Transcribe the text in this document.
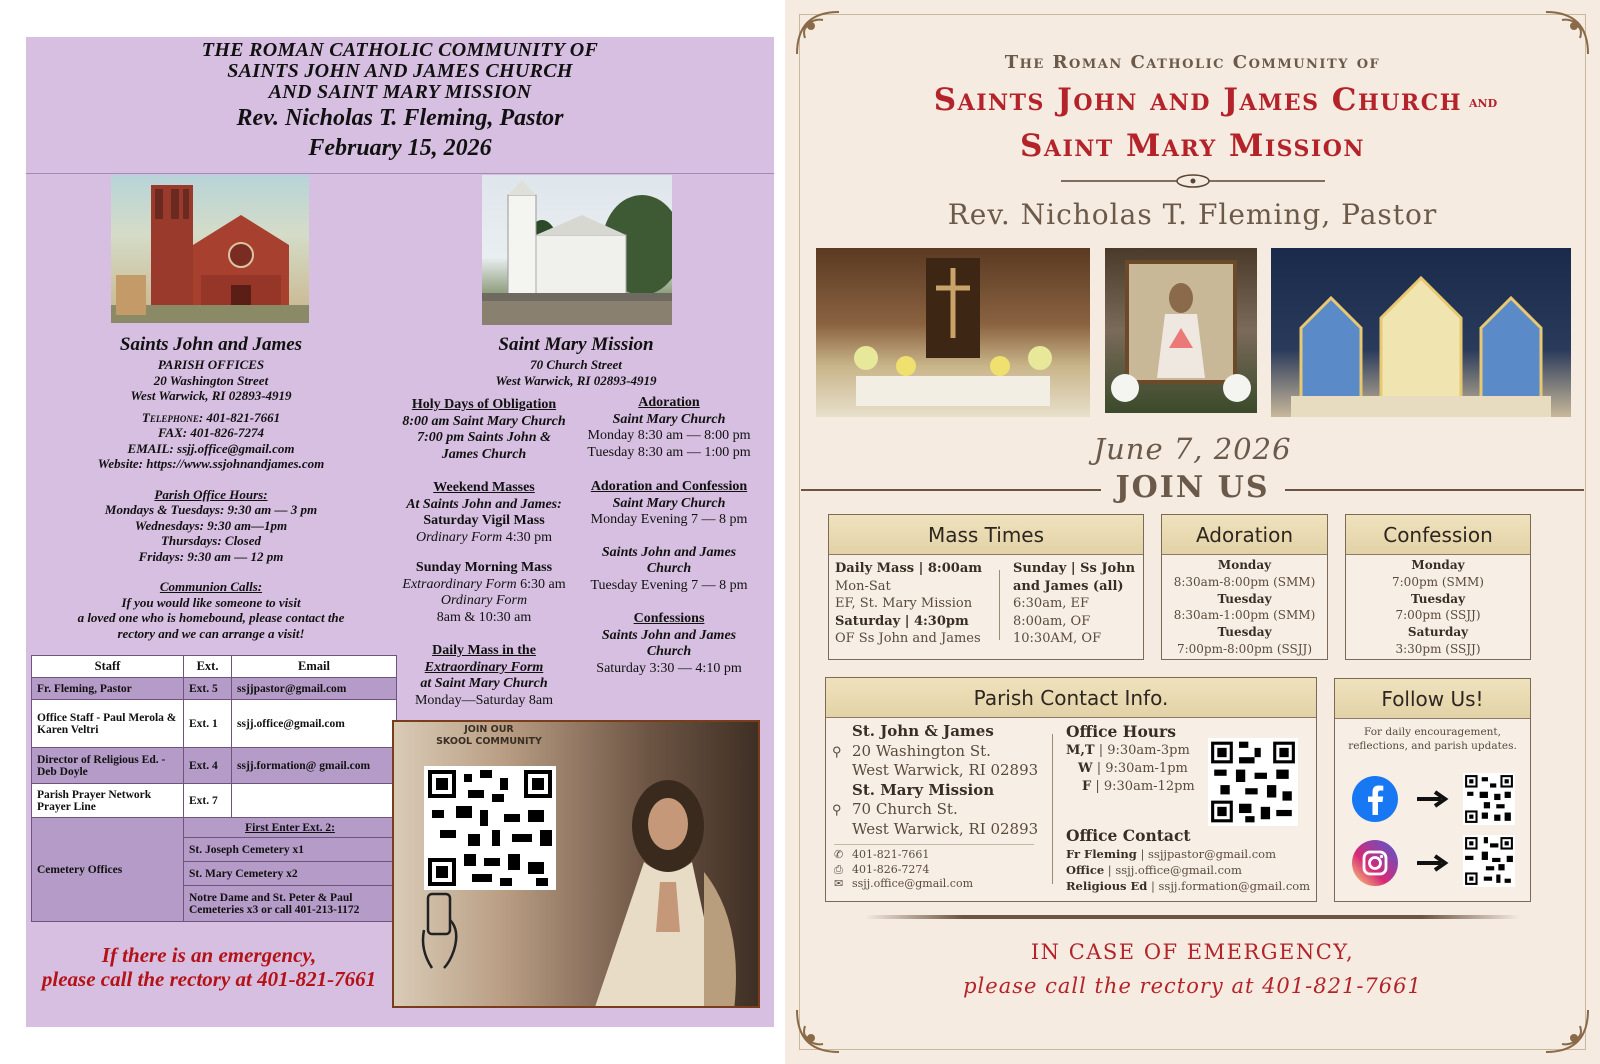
THE ROMAN CATHOLIC COMMUNITY OF
SAINTS JOHN AND JAMES CHURCH
AND SAINT MARY MISSION
Rev. Nicholas T. Fleming, Pastor
February 15, 2026
Saints John and James
PARISH OFFICES
20 Washington Street
West Warwick, RI 02893-4919
Telephone: 401-821-7661
FAX: 401-826-7274
EMAIL: ssjj.office@gmail.com
Website: https://www.ssjohnandjames.com
Parish Office Hours:
Mondays & Tuesdays: 9:30 am — 3 pm
Wednesdays: 9:30 am—1pm
Thursdays: Closed
Fridays: 9:30 am — 12 pm
Communion Calls:
If you would like someone to visit
a loved one who is homebound, please contact the
rectory and we can arrange a visit!
Saint Mary Mission
70 Church Street
West Warwick, RI 02893-4919
Holy Days of Obligation
8:00 am Saint Mary Church
7:00 pm Saints John &
James Church
Weekend Masses
At Saints John and James:
Saturday Vigil Mass
Ordinary Form 4:30 pm
Sunday Morning Mass
Extraordinary Form 6:30 am
Ordinary Form
8am & 10:30 am
Daily Mass in the
Extraordinary Form
at Saint Mary Church
Monday—Saturday 8am
Adoration
Saint Mary Church
Monday 8:30 am — 8:00 pm
Tuesday 8:30 am — 1:00 pm
Adoration and Confession
Saint Mary Church
Monday Evening 7 — 8 pm
Saints John and James
Church
Tuesday Evening 7 — 8 pm
Confessions
Saints John and James
Church
Saturday 3:30 — 4:10 pm
Staff	Ext.	Email
Fr. Fleming, Pastor	Ext. 5	ssjjpastor@gmail.com
Office Staff - Paul Merola & Karen Veltri	Ext. 1	ssjj.office@gmail.com
Director of Religious Ed. - Deb Doyle	Ext. 4	ssjj.formation@ gmail.com
Parish Prayer Network Prayer Line	Ext. 7	
Cemetery Offices	First Enter Ext. 2:	
	St. Joseph Cemetery x1	
	St. Mary Cemetery x2	
	Notre Dame and St. Peter & Paul Cemeteries x3 or call 401-213-1172	
If there is an emergency,
please call the rectory at 401-821-7661
JOIN OUR
SKOOL COMMUNITY
The Roman Catholic Community of
Saints John and James Church and
Saint Mary Mission
Rev. Nicholas T. Fleming, Pastor
June 7, 2026
JOIN US
Mass Times
Daily Mass | 8:00am
Mon-Sat
EF, St. Mary Mission
Saturday | 4:30pm
OF Ss John and James
Sunday | Ss John and James (all)
6:30am, EF
8:00am, OF
10:30AM, OF
Adoration
Monday
8:30am-8:00pm (SMM)
Tuesday
8:30am-1:00pm (SMM)
Tuesday
7:00pm-8:00pm (SSJJ)
Confession
Monday
7:00pm (SMM)
Tuesday
7:00pm (SSJJ)
Saturday
3:30pm (SSJJ)
Parish Contact Info.
St. John & James
⚲ 20 Washington St.
West Warwick, RI 02893
St. Mary Mission
⚲ 70 Church St.
West Warwick, RI 02893
✆ 401-821-7661
⎙ 401-826-7274
✉ ssjj.office@gmail.com
Office Hours
M,T | 9:30am-3pm
W | 9:30am-1pm
F | 9:30am-12pm
Office Contact
Fr Fleming | ssjjpastor@gmail.com
Office | ssjj.office@gmail.com
Religious Ed | ssjj.formation@gmail.com
Follow Us!
For daily encouragement,
reflections, and parish updates.
IN CASE OF EMERGENCY,
please call the rectory at 401-821-7661
